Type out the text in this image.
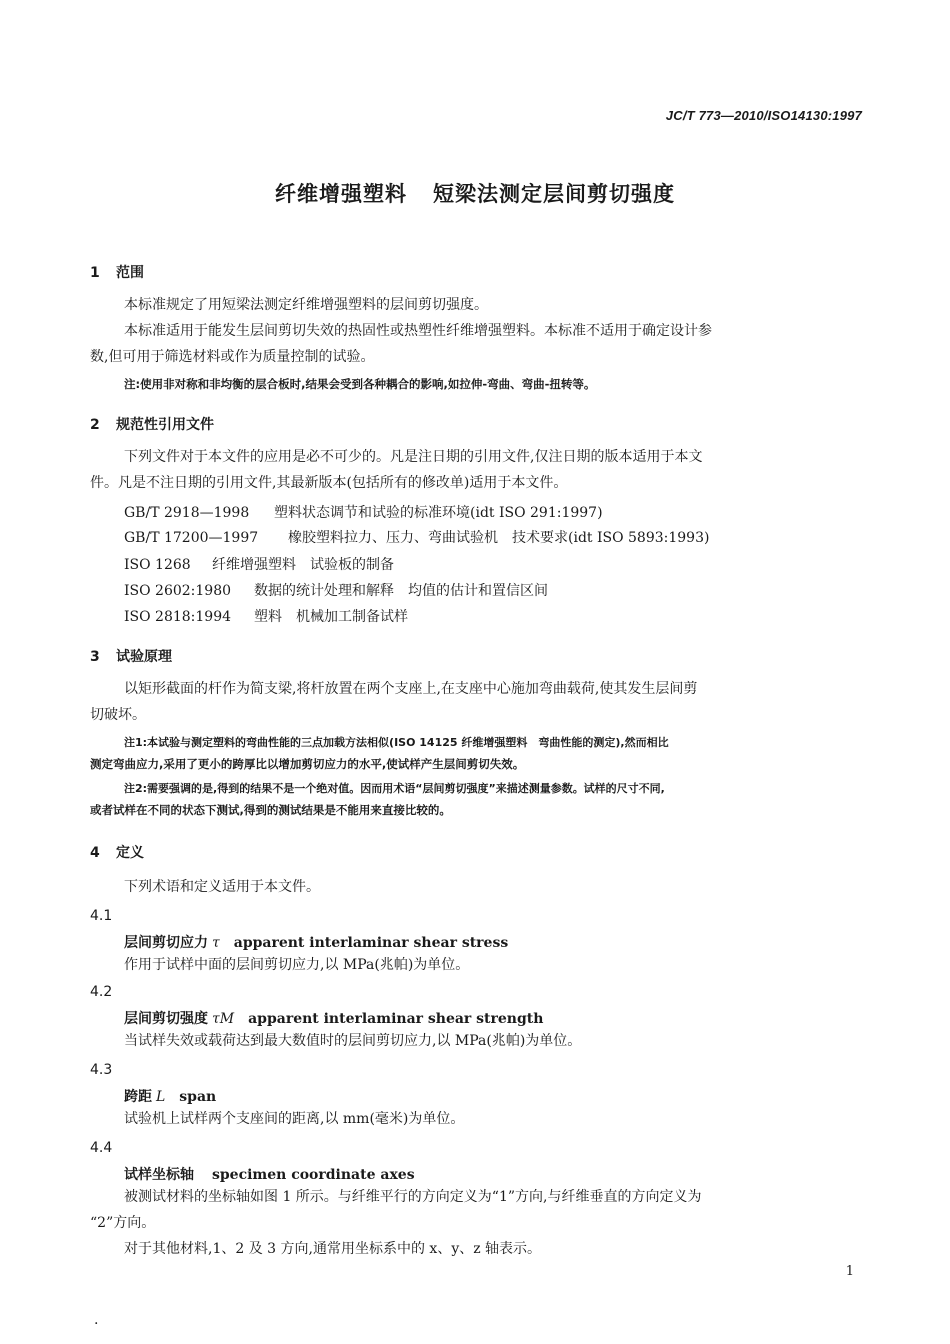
JC/T 773—2010/ISO14130:1997
纤维增强塑料 短梁法测定层间剪切强度
1 范围
本标准规定了用短梁法测定纤维增强塑料的层间剪切强度。
本标准适用于能发生层间剪切失效的热固性或热塑性纤维增强塑料。本标准不适用于确定设计参
数,但可用于筛选材料或作为质量控制的试验。
注:使用非对称和非均衡的层合板时,结果会受到各种耦合的影响,如拉伸-弯曲、弯曲-扭转等。
2 规范性引用文件
下列文件对于本文件的应用是必不可少的。凡是注日期的引用文件,仅注日期的版本适用于本文
件。凡是不注日期的引用文件,其最新版本(包括所有的修改单)适用于本文件。
GB/T 2918—1998 塑料状态调节和试验的标准环境(idt ISO 291:1997)
GB/T 17200—1997 橡胶塑料拉力、压力、弯曲试验机　技术要求(idt ISO 5893:1993)
ISO 1268 纤维增强塑料　试验板的制备
ISO 2602:1980 数据的统计处理和解释　均值的估计和置信区间
ISO 2818:1994 塑料　机械加工制备试样
3 试验原理
以矩形截面的杆作为简支梁,将杆放置在两个支座上,在支座中心施加弯曲载荷,使其发生层间剪
切破坏。
注1:本试验与测定塑料的弯曲性能的三点加载方法相似(ISO 14125 纤维增强塑料　弯曲性能的测定),然而相比
测定弯曲应力,采用了更小的跨厚比以增加剪切应力的水平,使试样产生层间剪切失效。
注2:需要强调的是,得到的结果不是一个绝对值。因而用术语“层间剪切强度”来描述测量参数。试样的尺寸不同,
或者试样在不同的状态下测试,得到的测试结果是不能用来直接比较的。
4 定义
下列术语和定义适用于本文件。
4.1
层间剪切应力 τ apparent interlaminar shear stress
作用于试样中面的层间剪切应力,以 MPa(兆帕)为单位。
4.2
层间剪切强度 τM apparent interlaminar shear strength
当试样失效或载荷达到最大数值时的层间剪切应力,以 MPa(兆帕)为单位。
4.3
跨距 L span
试验机上试样两个支座间的距离,以 mm(毫米)为单位。
4.4
试样坐标轴 specimen coordinate axes
被测试材料的坐标轴如图 1 所示。与纤维平行的方向定义为“1”方向,与纤维垂直的方向定义为
“2”方向。
对于其他材料,1、2 及 3 方向,通常用坐标系中的 x、y、z 轴表示。
1
.
